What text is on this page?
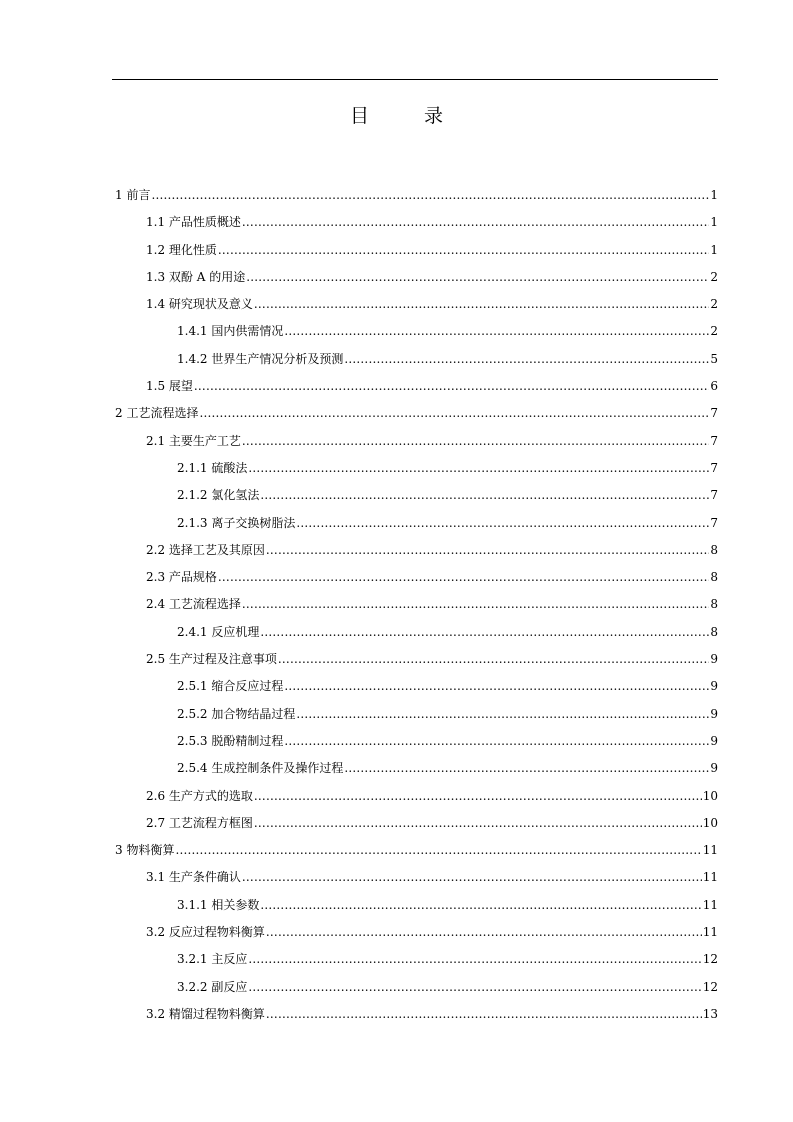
目　录
1 前言 .....	1
1.1 产品性质概述 .....	1
1.2 理化性质 .....	1
1.3 双酚 A 的用途 .....	2
1.4 研究现状及意义 .....	2
1.4.1 国内供需情况 .....	2
1.4.2 世界生产情况分析及预测 .....	5
1.5 展望 .....	6
2 工艺流程选择 .....	7
2.1 主要生产工艺 .....	7
2.1.1 硫酸法 .....	7
2.1.2 氯化氢法 .....	7
2.1.3 离子交换树脂法 .....	7
2.2 选择工艺及其原因 .....	8
2.3 产品规格 .....	8
2.4 工艺流程选择 .....	8
2.4.1 反应机理 .....	8
2.5 生产过程及注意事项 .....	9
2.5.1 缩合反应过程 .....	9
2.5.2 加合物结晶过程 .....	9
2.5.3 脱酚精制过程 .....	9
2.5.4 生成控制条件及操作过程 .....	9
2.6 生产方式的选取 .....	10
2.7 工艺流程方框图 .....	10
3 物料衡算 .....	11
3.1 生产条件确认 .....	11
3.1.1 相关参数 .....	11
3.2 反应过程物料衡算 .....	11
3.2.1 主反应 .....	12
3.2.2 副反应 .....	12
3.2 精馏过程物料衡算 .....	13
